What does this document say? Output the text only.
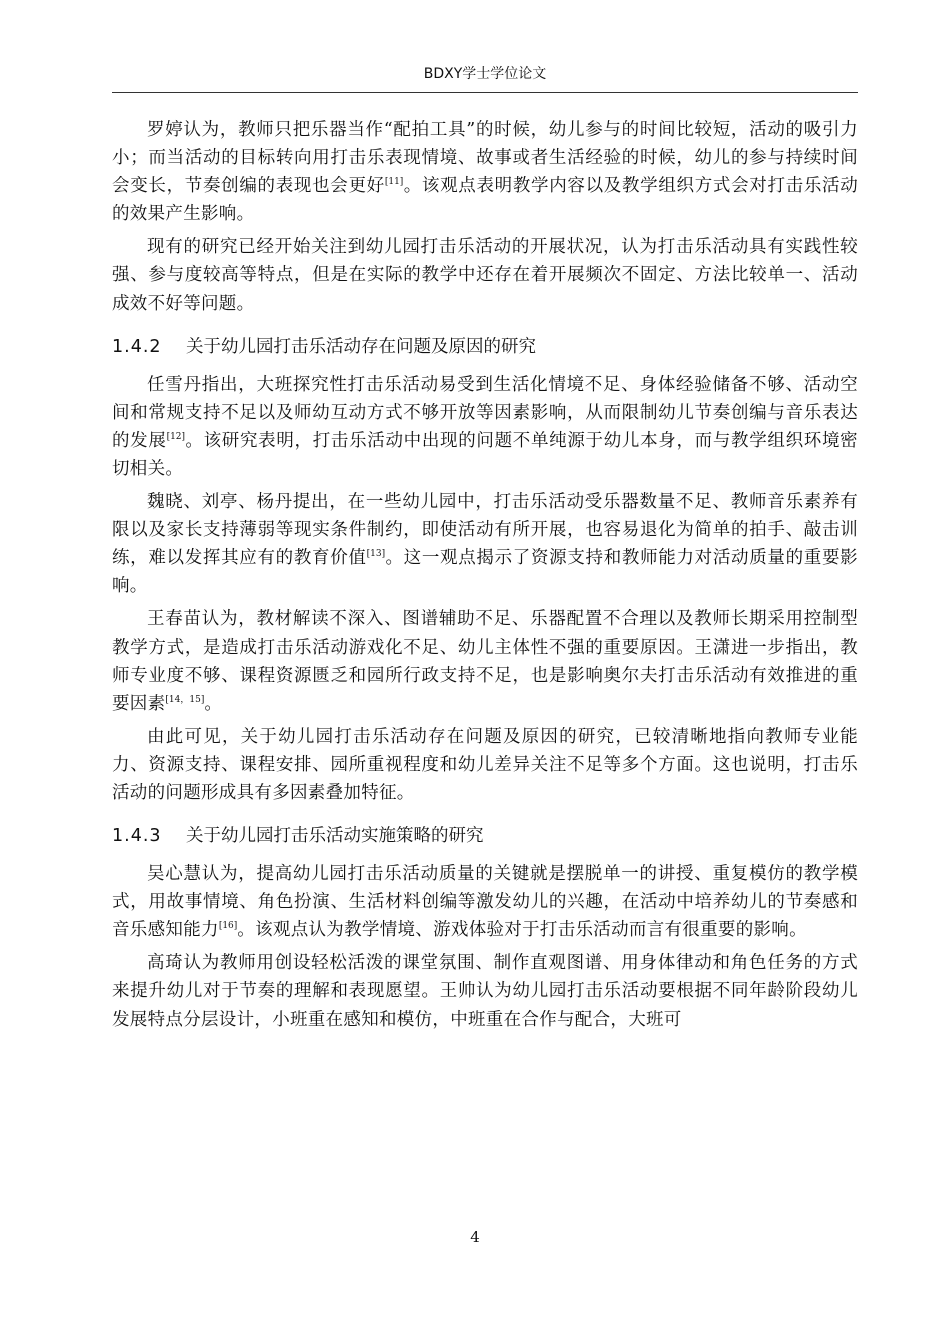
BDXY学士学位论文

罗婷认为，教师只把乐器当作“配拍工具”的时候，幼儿参与的时间比较短，活动的吸引力小；而当活动的目标转向用打击乐表现情境、故事或者生活经验的时候，幼儿的参与持续时间会变长，节奏创编的表现也会更好[11]。该观点表明教学内容以及教学组织方式会对打击乐活动的效果产生影响。

现有的研究已经开始关注到幼儿园打击乐活动的开展状况，认为打击乐活动具有实践性较强、参与度较高等特点，但是在实际的教学中还存在着开展频次不固定、方法比较单一、活动成效不好等问题。

1.4.2 关于幼儿园打击乐活动存在问题及原因的研究

任雪丹指出，大班探究性打击乐活动易受到生活化情境不足、身体经验储备不够、活动空间和常规支持不足以及师幼互动方式不够开放等因素影响，从而限制幼儿节奏创编与音乐表达的发展[12]。该研究表明，打击乐活动中出现的问题不单纯源于幼儿本身，而与教学组织环境密切相关。

魏晓、刘亭、杨丹提出，在一些幼儿园中，打击乐活动受乐器数量不足、教师音乐素养有限以及家长支持薄弱等现实条件制约，即使活动有所开展，也容易退化为简单的拍手、敲击训练，难以发挥其应有的教育价值[13]。这一观点揭示了资源支持和教师能力对活动质量的重要影响。

王春苗认为，教材解读不深入、图谱辅助不足、乐器配置不合理以及教师长期采用控制型教学方式，是造成打击乐活动游戏化不足、幼儿主体性不强的重要原因。王潇进一步指出，教师专业度不够、课程资源匮乏和园所行政支持不足，也是影响奥尔夫打击乐活动有效推进的重要因素[14，15]。

由此可见，关于幼儿园打击乐活动存在问题及原因的研究，已较清晰地指向教师专业能力、资源支持、课程安排、园所重视程度和幼儿差异关注不足等多个方面。这也说明，打击乐活动的问题形成具有多因素叠加特征。

1.4.3 关于幼儿园打击乐活动实施策略的研究

吴心慧认为，提高幼儿园打击乐活动质量的关键就是摆脱单一的讲授、重复模仿的教学模式，用故事情境、角色扮演、生活材料创编等激发幼儿的兴趣，在活动中培养幼儿的节奏感和音乐感知能力[16]。该观点认为教学情境、游戏体验对于打击乐活动而言有很重要的影响。

高琦认为教师用创设轻松活泼的课堂氛围、制作直观图谱、用身体律动和角色任务的方式来提升幼儿对于节奏的理解和表现愿望。王帅认为幼儿园打击乐活动要根据不同年龄阶段幼儿发展特点分层设计，小班重在感知和模仿，中班重在合作与配合，大班可

4
